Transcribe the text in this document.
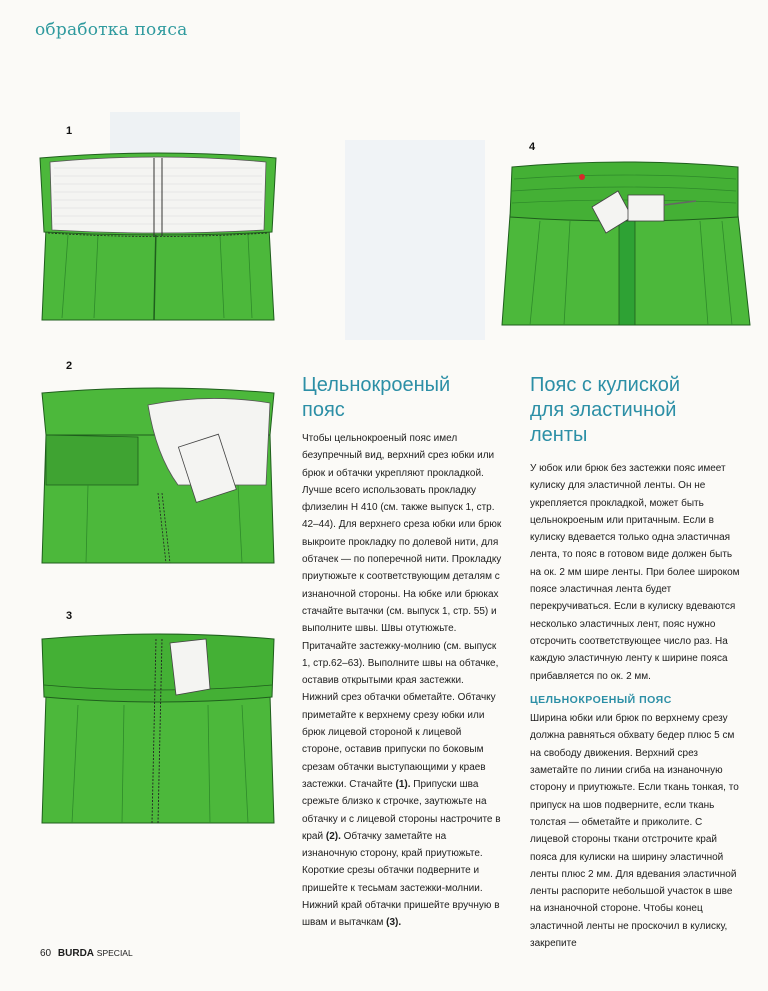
обработка пояса
1
2
3
4
Цельнокроеный
пояс

Чтобы цельнокроеный пояс имел безупречный вид, верхний срез юбки или брюк и обтачки укрепляют прокладкой. Лучше всего использовать прокладку флизелин Н 410 (см. также выпуск 1, стр. 42–44). Для верхнего среза юбки или брюк выкроите прокладку по долевой нити, для обтачек — по поперечной нити. Прокладку приутюжьте к соответствующим деталям с изнаночной стороны. На юбке или брюках стачайте вытачки (см. выпуск 1, стр. 55) и выполните швы. Швы отутюжьте. Притачайте застежку-молнию (см. выпуск 1, стр.62–63). Выполните швы на обтачке, оставив открытыми края застежки. Нижний срез обтачки обметайте. Обтачку приметайте к верхнему срезу юбки или брюк лицевой стороной к лицевой стороне, оставив припуски по боковым срезам обтачки выступающими у краев застежки. Стачайте (1). Припуски шва срежьте близко к строчке, заутюжьте на обтачку и с лицевой стороны настрочите в край (2). Обтачку заметайте на изнаночную сторону, край приутюжьте. Короткие срезы обтачки подверните и пришейте к тесьмам застежки-молнии. Нижний край обтачки пришейте вручную в швам и вытачкам (3).

Пояс с кулиской
для эластичной
ленты

У юбок или брюк без застежки пояс имеет кулиску для эластичной ленты. Он не укрепляется прокладкой, может быть цельнокроеным или притачным. Если в кулиску вдевается только одна эластичная лента, то пояс в готовом виде должен быть на ок. 2 мм шире ленты. При более широком поясе эластичная лента будет перекручиваться. Если в кулиску вдеваются несколько эластичных лент, пояс нужно отсрочить соответствующее число раз. На каждую эластичную ленту к ширине пояса прибавляется по ок. 2 мм.

ЦЕЛЬНОКРОЕНЫЙ ПОЯС

Ширина юбки или брюк по верхнему срезу должна равняться обхвату бедер плюс 5 см на свободу движения. Верхний срез заметайте по линии сгиба на изнаночную сторону и приутюжьте. Если ткань тонкая, то припуск на шов подверните, если ткань толстая — обметайте и приколите. С лицевой стороны ткани отстрочите край пояса для кулиски на ширину эластичной ленты плюс 2 мм. Для вдевания эластичной ленты распорите небольшой участок в шве на изнаночной стороне. Чтобы конец эластичной ленты не проскочил в кулиску, закрепите

60 BURDA SPECIAL
